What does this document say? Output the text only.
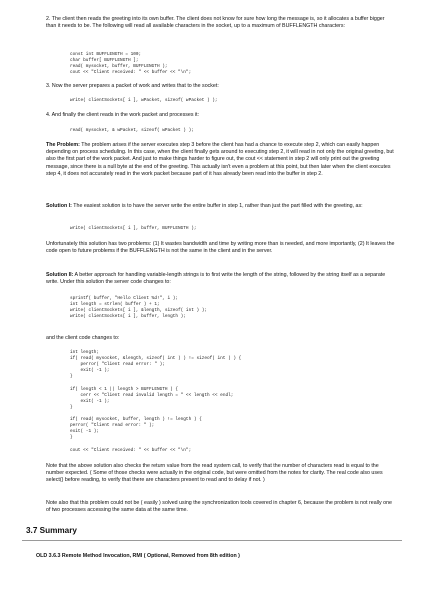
2. The client then reads the greeting into its own buffer. The client does not know for sure how long the message is, so it allocates a buffer bigger than it needs to be. The following will read all available characters in the socket, up to a maximum of BUFFLENGTH characters:

const int BUFFLENGTH = 100;
char buffer[ BUFFLENGTH ];
read( mysocket, buffer, BUFFLENGTH );
cout << "Client received: " << buffer << "\n";

3. Now the server prepares a packet of work and writes that to the socket:

write( clientSockets[ i ], wPacket, sizeof( wPacket ) );

4. And finally the client reads in the work packet and processes it:

read( mysocket, & wPacket, sizeof( wPacket ) );

The Problem: The problem arises if the server executes step 3 before the client has had a chance to execute step 2, which can easily happen depending on process scheduling. In this case, when the client finally gets around to executing step 2, it will read in not only the original greeting, but also the first part of the work packet. And just to make things harder to figure out, the cout << statement in step 2 will only print out the greeting message, since there is a null byte at the end of the greeting. This actually isn't even a problem at this point, but then later when the client executes step 4, it does not accurately read in the work packet because part of it has already been read into the buffer in step 2.

Solution I: The easiest solution is to have the server write the entire buffer in step 1, rather than just the part filled with the greeting, as:

write( clientSockets[ i ], buffer, BUFFLENGTH );

Unfortunately this solution has two problems: (1) It wastes bandwidth and time by writing more than is needed, and more importantly, (2) It leaves the code open to future problems if the BUFFLENGTH is not the same in the client and in the server.

Solution II: A better approach for handling variable-length strings is to first write the length of the string, followed by the string itself as a separate write. Under this solution the server code changes to:

sprintf( buffer, "Hello Client %d!", i );
int length = strlen( buffer ) + 1;
write( clientSockets[ i ], &length, sizeof( int ) );
write( clientSockets[ i ], buffer, length );

and the client code changes to:

int length;
if( read( mysocket, &length, sizeof( int ) ) != sizeof( int ) ) {
perror( "Client read error: " );
exit( -1 );
}

if( length < 1 || length > BUFFLENGTH ) {
cerr << "Client read invalid length = " << length << endl;
exit( -1 );
}

if( read( mysocket, buffer, length ) != length ) {
perror( "Client read error: " );
exit( -1 );
}

cout << "Client received: " << buffer << "\n";

Note that the above solution also checks the return value from the read system call, to verify that the number of characters read is equal to the number expected. ( Some of those checks were actually in the original code, but were omitted from the notes for clarity. The real code also uses select() before reading, to verify that there are characters present to read and to delay if not. )

Note also that this problem could not be ( easily ) solved using the synchronization tools covered in chapter 6, because the problem is not really one of two processes accessing the same data at the same time.

3.7 Summary

OLD 3.6.3 Remote Method Invocation, RMI ( Optional, Removed from 8th edition )
